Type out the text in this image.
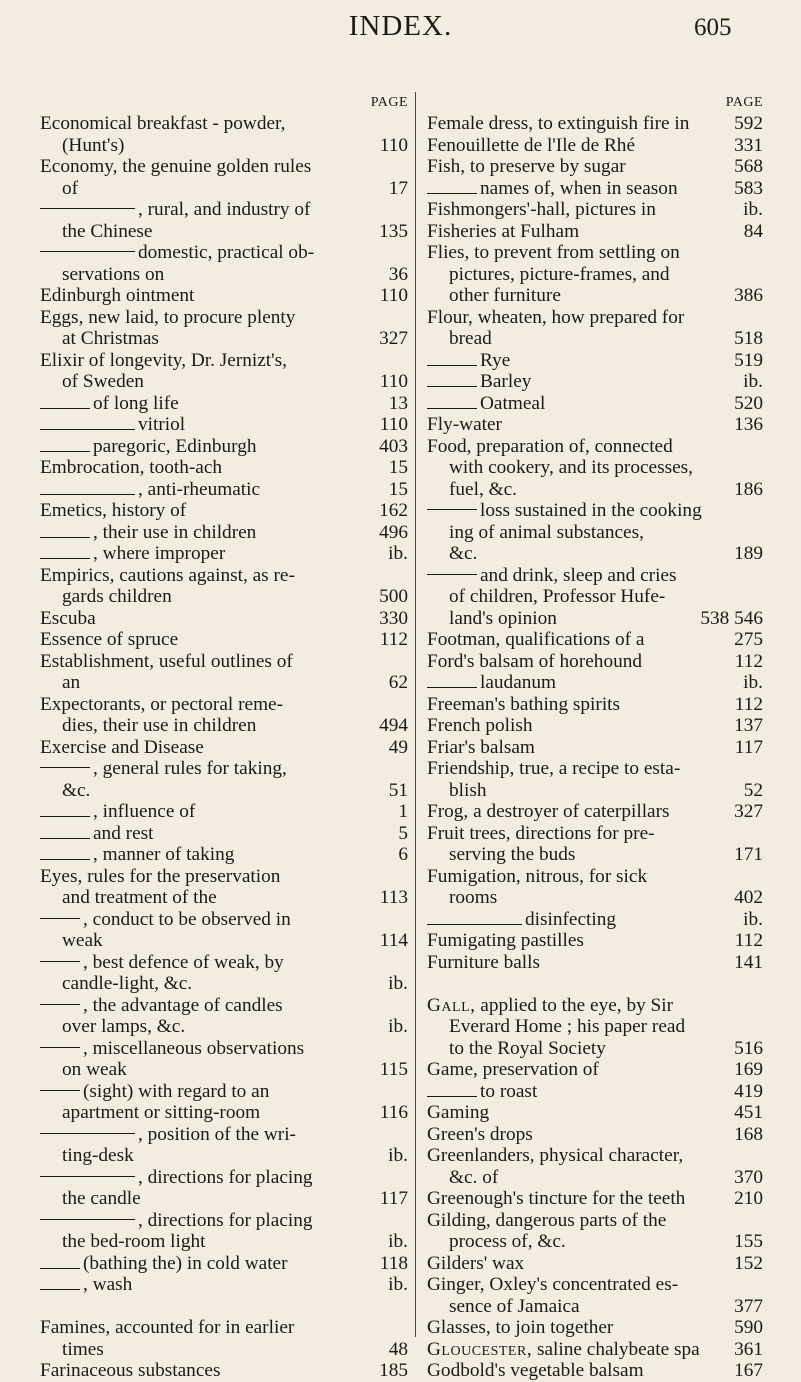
INDEX.	605
PAGE
Economical breakfast - powder,
(Hunt's)	110
Economy, the genuine golden rules
of	17
, rural, and industry of
the Chinese	135
domestic, practical ob-
servations on	36
Edinburgh ointment	110
Eggs, new laid, to procure plenty
at Christmas	327
Elixir of longevity, Dr. Jernizt's,
of Sweden	110
of long life	13
vitriol	110
paregoric, Edinburgh	403
Embrocation, tooth-ach	15
, anti-rheumatic	15
Emetics, history of	162
, their use in children	496
, where improper	ib.
Empirics, cautions against, as re-
gards children	500
Escuba	330
Essence of spruce	112
Establishment, useful outlines of
an	62
Expectorants, or pectoral reme-
dies, their use in children	494
Exercise and Disease	49
, general rules for taking,
&c.	51
, influence of	1
and rest	5
, manner of taking	6
Eyes, rules for the preservation
and treatment of the	113
, conduct to be observed in
weak	114
, best defence of weak, by
candle-light, &c.	ib.
, the advantage of candles
over lamps, &c.	ib.
, miscellaneous observations
on weak	115
(sight) with regard to an
apartment or sitting-room	116
, position of the wri-
ting-desk	ib.
, directions for placing
the candle	117
, directions for placing
the bed-room light	ib.
(bathing the) in cold water	118
, wash	ib.
Famines, accounted for in earlier
times	48
Farinaceous substances	185
PAGE
Female dress, to extinguish fire in 592
Fenouillette de l'Ile de Rhé	331
Fish, to preserve by sugar	568
names of, when in season	583
Fishmongers'-hall, pictures in	ib.
Fisheries at Fulham	84
Flies, to prevent from settling on
pictures, picture-frames, and
other furniture	386
Flour, wheaten, how prepared for
bread	518
Rye	519
Barley	ib.
Oatmeal	520
Fly-water	136
Food, preparation of, connected
with cookery, and its processes,
fuel, &c.	186
loss sustained in the cooking
ing of animal substances,
&c.	189
and drink, sleep and cries
of children, Professor Hufe-
land's opinion	538 546
Footman, qualifications of a	275
Ford's balsam of horehound	112
laudanum	ib.
Freeman's bathing spirits	112
French polish	137
Friar's balsam	117
Friendship, true, a recipe to esta-
blish	52
Frog, a destroyer of caterpillars	327
Fruit trees, directions for pre-
serving the buds	171
Fumigation, nitrous, for sick
rooms	402
disinfecting	ib.
Fumigating pastilles	112
Furniture balls	141
Gall, applied to the eye, by Sir
Everard Home ; his paper read
to the Royal Society	516
Game, preservation of	169
to roast	419
Gaming	451
Green's drops	168
Greenlanders, physical character,
&c. of	370
Greenough's tincture for the teeth	210
Gilding, dangerous parts of the
process of, &c.	155
Gilders' wax	152
Ginger, Oxley's concentrated es-
sence of Jamaica	377
Glasses, to join together	590
Gloucester, saline chalybeate spa 361
Godbold's vegetable balsam	167
